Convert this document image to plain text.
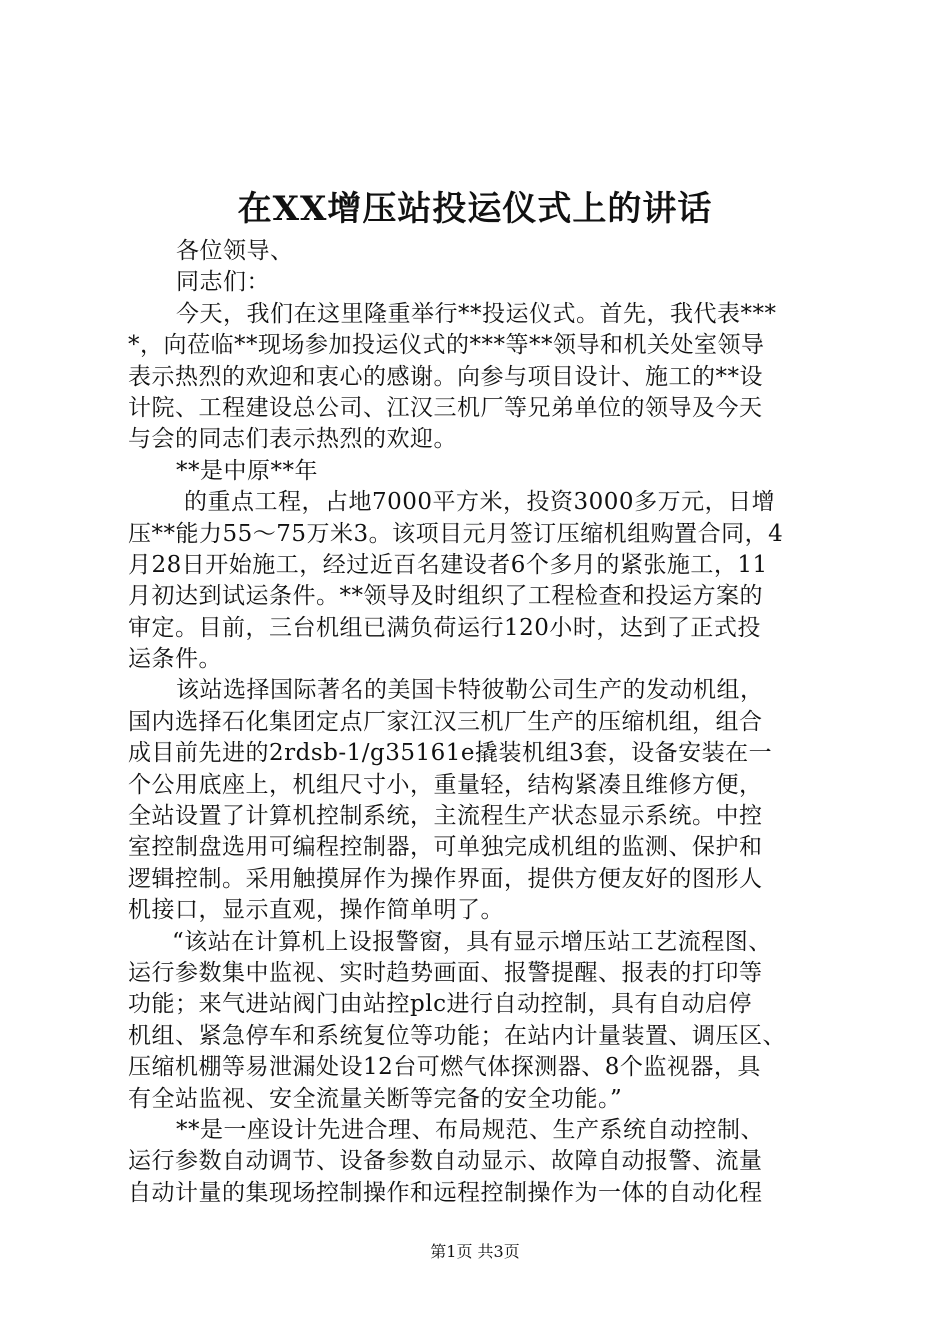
在XX增压站投运仪式上的讲话
各位领导、
同志们：
今天，我们在这里隆重举行**投运仪式。首先，我代表***
*，向莅临**现场参加投运仪式的***等**领导和机关处室领导
表示热烈的欢迎和衷心的感谢。向参与项目设计、施工的**设
计院、工程建设总公司、江汉三机厂等兄弟单位的领导及今天
与会的同志们表示热烈的欢迎。
**是中原**年
的重点工程，占地7000平方米，投资3000多万元，日增
压**能力55～75万米3。该项目元月签订压缩机组购置合同，4
月28日开始施工，经过近百名建设者6个多月的紧张施工，11
月初达到试运条件。**领导及时组织了工程检查和投运方案的
审定。目前，三台机组已满负荷运行120小时，达到了正式投
运条件。
该站选择国际著名的美国卡特彼勒公司生产的发动机组，
国内选择石化集团定点厂家江汉三机厂生产的压缩机组，组合
成目前先进的2rdsb-1/g35161e撬装机组3套，设备安装在一
个公用底座上，机组尺寸小，重量轻，结构紧凑且维修方便，
全站设置了计算机控制系统，主流程生产状态显示系统。中控
室控制盘选用可编程控制器，可单独完成机组的监测、保护和
逻辑控制。采用触摸屏作为操作界面，提供方便友好的图形人
机接口，显示直观，操作简单明了。
“该站在计算机上设报警窗，具有显示增压站工艺流程图、
运行参数集中监视、实时趋势画面、报警提醒、报表的打印等
功能；来气进站阀门由站控plc进行自动控制，具有自动启停
机组、紧急停车和系统复位等功能；在站内计量装置、调压区、
压缩机棚等易泄漏处设12台可燃气体探测器、8个监视器，具
有全站监视、安全流量关断等完备的安全功能。”
**是一座设计先进合理、布局规范、生产系统自动控制、
运行参数自动调节、设备参数自动显示、故障自动报警、流量
自动计量的集现场控制操作和远程控制操作为一体的自动化程
第1页 共3页
